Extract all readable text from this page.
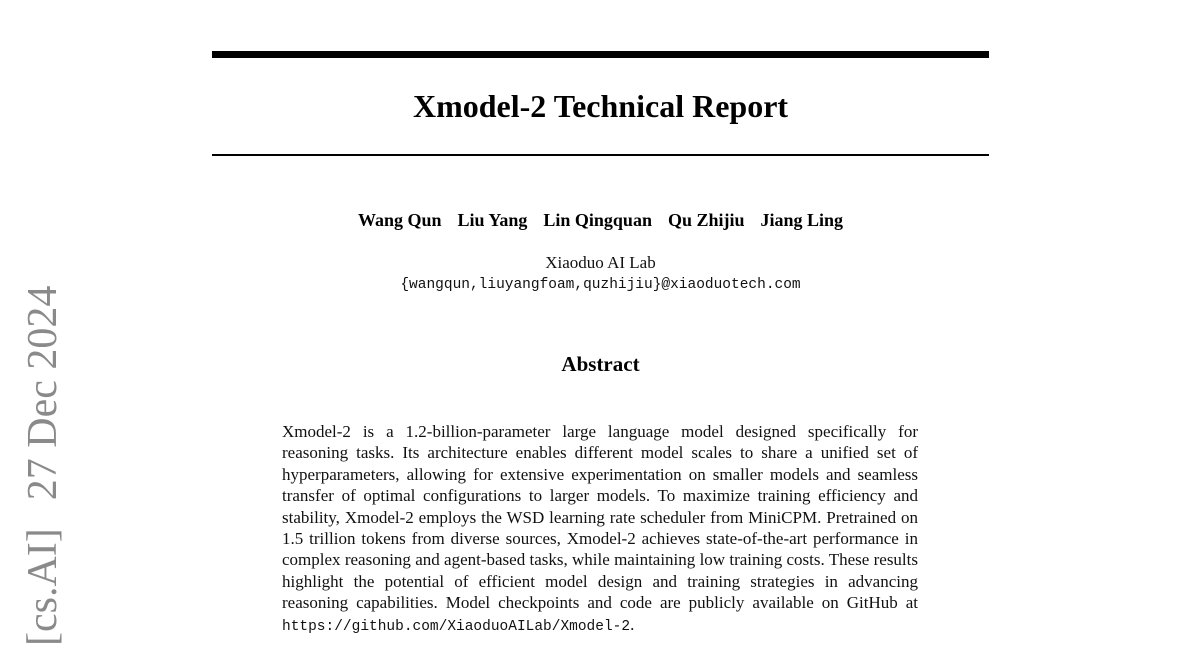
Xmodel-2 Technical Report
Wang Qun Liu Yang Lin Qingquan Qu Zhijiu Jiang Ling
Xiaoduo AI Lab
{wangqun,liuyangfoam,quzhijiu}@xiaoduotech.com
Abstract
Xmodel-2 is a 1.2-billion-parameter large language model designed specifically for reasoning tasks. Its architecture enables different model scales to share a unified set of hyperparameters, allowing for extensive experimentation on smaller models and seamless transfer of optimal configurations to larger models. To maximize training efficiency and stability, Xmodel-2 employs the WSD learning rate scheduler from MiniCPM. Pretrained on 1.5 trillion tokens from diverse sources, Xmodel-2 achieves state-of-the-art performance in complex reasoning and agent-based tasks, while maintaining low training costs. These results highlight the potential of efficient model design and training strategies in advancing reasoning capabilities. Model checkpoints and code are publicly available on GitHub at https://github.com/XiaoduoAILab/Xmodel-2.
[cs.AI]27 Dec 2024
